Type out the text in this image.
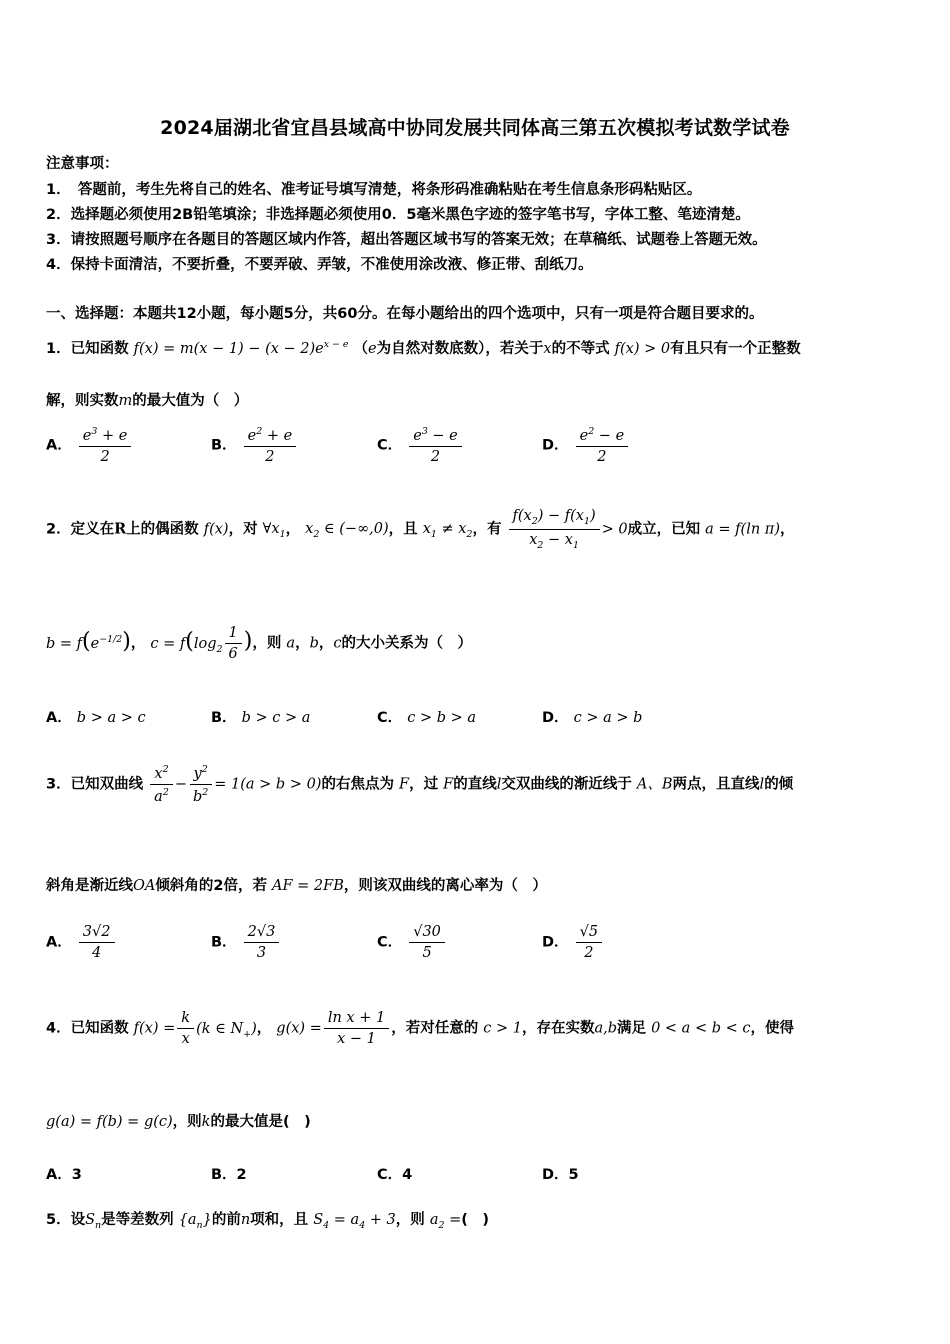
2024届湖北省宜昌县域高中协同发展共同体高三第五次模拟考试数学试卷
注意事项：
1．　答题前，考生先将自己的姓名、准考证号填写清楚，将条形码准确粘贴在考生信息条形码粘贴区。
2．选择题必须使用2B铅笔填涂；非选择题必须使用0．5毫米黑色字迹的签字笔书写，字体工整、笔迹清楚。
3．请按照题号顺序在各题目的答题区域内作答，超出答题区域书写的答案无效；在草稿纸、试题卷上答题无效。
4．保持卡面清洁，不要折叠，不要弄破、弄皱，不准使用涂改液、修正带、刮纸刀。
一、选择题：本题共12小题，每小题5分，共60分。在每小题给出的四个选项中，只有一项是符合题目要求的。
1．已知函数 $f(x) = m(x - 1) - (x - 2)e^{x - e}$ （e为自然对数底数），若关于x的不等式 f(x) > 0有且只有一个正整数
解，则实数m的最大值为（　）
A． $\frac{e^3 + e}{2}$	B． $\frac{e^2 + e}{2}$	C． $\frac{e^3 - e}{2}$	D． $\frac{e^2 - e}{2}$
2．定义在R上的偶函数 f(x)，对 $\forall x_1$， $x_2$ ∈ (−∞,0)，且 $x_1 \ne x_2$，有 $\frac{f(x_2) - f(x_1)}{x_2 - x_1} > 0$成立，已知 a = f(ln π)，
$b = f(e^{-1/2})$， $c = f(\log_2 \frac{1}{6}$ )，则 a，b，c的大小关系为（　）
A． b > a > c	B． b > c > a	C． c > b > a	D． c > a > b
3．已知双曲线 $\frac{x^2}{a^2} - \frac{y^2}{b^2} = 1(a > b > 0)$的右焦点为 F，过 F的直线l交双曲线的渐近线于 A、B两点，且直线l的倾
斜角是渐近线OA倾斜角的2倍，若 AF = 2FB，则该双曲线的离心率为（　）
A． $\frac{3√2}{4}$	B． $\frac{2√3}{3}$	C． $\frac{√30}{5}$	D． $\frac{√5}{2}$
4．已知函数 $f(x) = \frac{k}{x} (k$ ∈ $N_+$)， $g(x) = \frac{\text{ln x + 1}}{x - 1}$ ，若对任意的 c > 1，存在实数a,b满足 0 < a < b < c，使得
g(a) = f(b) = g(c)，则k的最大值是(　)
A．3	B．2	C．4	D．5
5．设$S_n$是等差数列 $\{a_n\}$的前n项和，且 $S_4 = a_4 + 3$，则 $a_2$ =(　)
